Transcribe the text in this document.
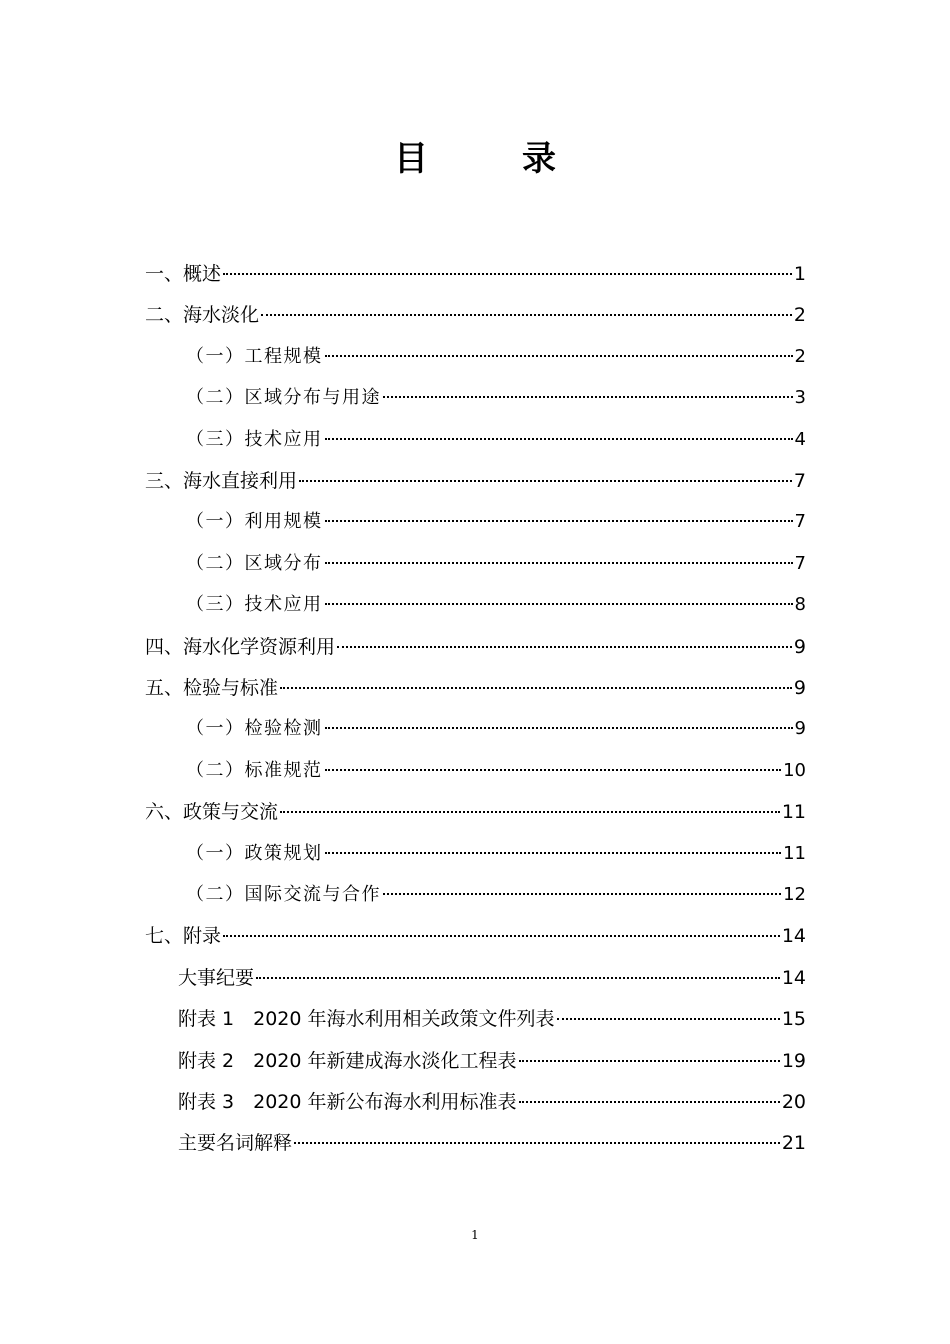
目　录
一、概述	1
二、海水淡化	2
（一）工程规模	2
（二）区域分布与用途	3
（三）技术应用	4
三、海水直接利用	7
（一）利用规模	7
（二）区域分布	7
（三）技术应用	8
四、海水化学资源利用	9
五、检验与标准	9
（一）检验检测	9
（二）标准规范	10
六、政策与交流	11
（一）政策规划	11
（二）国际交流与合作	12
七、附录	14
大事纪要	14
附表 1　2020 年海水利用相关政策文件列表	15
附表 2　2020 年新建成海水淡化工程表	19
附表 3　2020 年新公布海水利用标准表	20
主要名词解释	21
1
